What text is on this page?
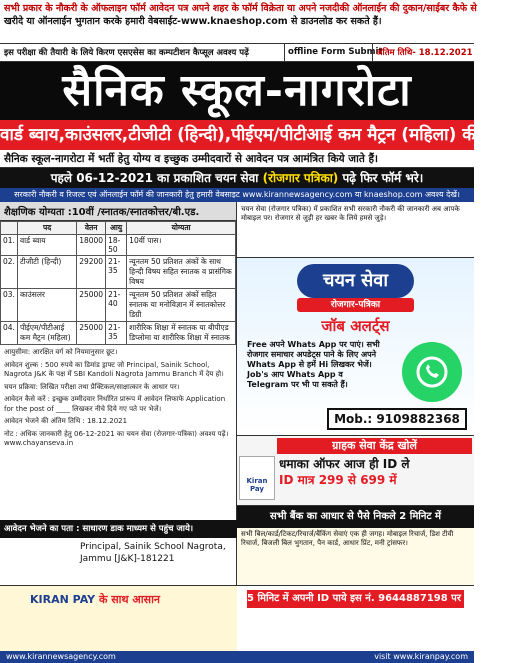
सभी प्रकार के नौकरी के ऑफलाइन फॉर्म आवेदन पत्र अपने शहर के फॉर्म विक्रेता या अपने नजदीकी ऑनलाईन की दुकान/साईबर कैफे से
खरीदे या ऑनलाईन भुगतान करके हमारी वेबसाईट-www.knaeshop.com से डाउनलोड कर सकते हैं।
इस परीक्षा की तैयारी के लिये किरण एसएसेस का कम्पटीशन कैप्सूल अवश्य पढ़ें	offline Form Submit
अंतिम तिथि- 18.12.2021
सैनिक स्कूल-नागरोटा
वार्ड ब्वाय,काउंसलर,टीजीटी (हिन्दी),पीईएम/पीटीआई कम मैट्रन (महिला) की भर्ती
सैनिक स्कूल-नागरोटा में भर्ती हेतु योग्य व इच्छुक उम्मीदवारों से आवेदन पत्र आमंत्रित किये जाते हैं।
पहले 06-12-2021 का प्रकाशित चयन सेवा (रोजगार पत्रिका) पढ़े फिर फॉर्म भरे।
सरकारी नौकरी व रिजल्ट एवं ऑनलाईन फॉर्म की जानकारी हेतु हमारी वेबसाइट www.kirannewsagency.com या knaeshop.com अवश्य देखें।
शैक्षणिक योग्यता :10वीं /स्नातक/स्नातकोत्तर/बी.एड.
	पद	वेतन	आयु	योग्यता
01.	वार्ड ब्वाय	18000	18-50	10वीं पास।
02.	टीजीटी (हिन्दी)	29200	21-35	न्यूनतम 50 प्रतिशत अंकों के साथ हिन्दी विषय सहित स्नातक व प्रासंगिक विषय
03.	काउंसलर	25000	21-40	न्यूनतम 50 प्रतिशत अंकों सहित स्नातक या मनोविज्ञान में स्नातकोत्तर डिग्री
04.	पीईएम/पीटीआई कम मैट्रन (महिला)	25000	21-35	शारीरिक शिक्षा में स्नातक या बीपीएड डिप्लोमा या शारीरिक शिक्षा में स्नातक

आयुसीमा: आरक्षित वर्ग को नियमानुसार छूट।

आवेदन शुल्क : 500 रुपये का डिमांड ड्राफ्ट जो Principal, Sainik School, Nagrota J&K के पक्ष में SBI Kandoli Nagrota Jammu Branch में देय हो।

चयन प्रक्रिया: लिखित परीक्षा तथा प्रैक्टिकल/साक्षात्कार के आधार पर।

आवेदन कैसे करें : इच्छुक उम्मीदवार निर्धारित प्रारूप में आवेदन लिफाफे Application for the post of ____ लिखकर नीचे दिये गए पते पर भेजें।

आवेदन भेजने की अंतिम तिथि : 18.12.2021

नोट : अधिक जानकारी हेतु 06-12-2021 का चयन सेवा (रोजगार-पत्रिका) अवश्य पढ़ें। www.chayanseva.in

आवेदन भेजने का पता : साधारण डाक माध्यम से पहुंच जाये।
Principal, Sainik School Nagrota,
Jammu [J&K]-181221
चयन सेवा (रोजगार पत्रिका) में प्रकाशित सभी सरकारी नौकरी की जानकारी अब आपके मोबाइल पर। रोजगार से जुड़ी हर खबर के लिये हमसे जुड़े।
चयन सेवा
रोजगार-पत्रिका
जॉब अलर्ट्स
Free अपने Whats App पर पाएं। सभी रोजगार समाचार अपडेट्स पाने के लिए अपने Whats App से हमें Hi लिखकर भेजें। Job's आप Whats App व Telegram पर भी पा सकते हैं।
Mob.: 9109882368
ग्राहक सेवा केंद्र खोलें
Kiran Pay
धमाका ऑफर आज ही ID ले
ID मात्र 299 से 699 में
सभी बैंक का आधार से पैसे निकले 2 मिनिट में
सभी बिल/कार्ड/टिकट/रिचार्ज/बैंकिंग सेवाएं एक ही जगह। मोबाइल रिचार्ज, डिश टीवी रिचार्ज, बिजली बिल भुगतान, पैन कार्ड, आधार प्रिंट, मनी ट्रांसफर।
KIRAN PAY के साथ आसान	5 मिनिट में अपनी ID पाये इस नं. 9644887198 पर मैसेज करें
www.kirannewsagency.com	visit www.kiranpay.com
